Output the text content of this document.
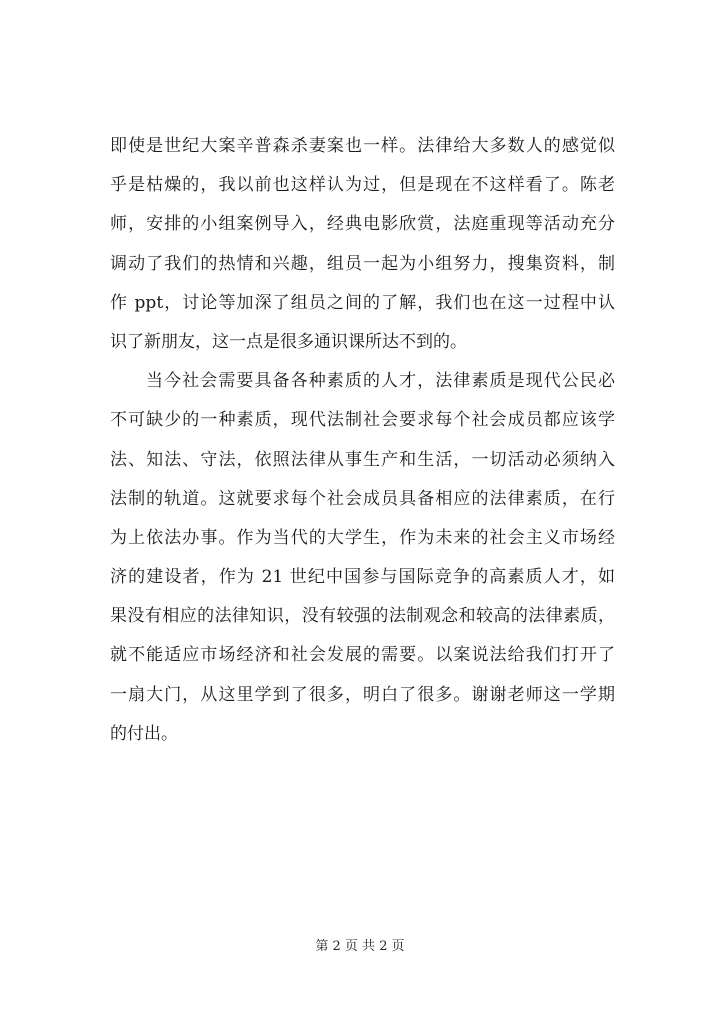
即使是世纪大案辛普森杀妻案也一样。法律给大多数人的感觉似
乎是枯燥的，我以前也这样认为过，但是现在不这样看了。陈老
师，安排的小组案例导入，经典电影欣赏，法庭重现等活动充分
调动了我们的热情和兴趣，组员一起为小组努力，搜集资料，制
作 ppt，讨论等加深了组员之间的了解，我们也在这一过程中认
识了新朋友，这一点是很多通识课所达不到的。
当今社会需要具备各种素质的人才，法律素质是现代公民必
不可缺少的一种素质，现代法制社会要求每个社会成员都应该学
法、知法、守法，依照法律从事生产和生活，一切活动必须纳入
法制的轨道。这就要求每个社会成员具备相应的法律素质，在行
为上依法办事。作为当代的大学生，作为未来的社会主义市场经
济的建设者，作为 21 世纪中国参与国际竞争的高素质人才，如
果没有相应的法律知识，没有较强的法制观念和较高的法律素质，
就不能适应市场经济和社会发展的需要。以案说法给我们打开了
一扇大门，从这里学到了很多，明白了很多。谢谢老师这一学期
的付出。
第 2 页 共 2 页
